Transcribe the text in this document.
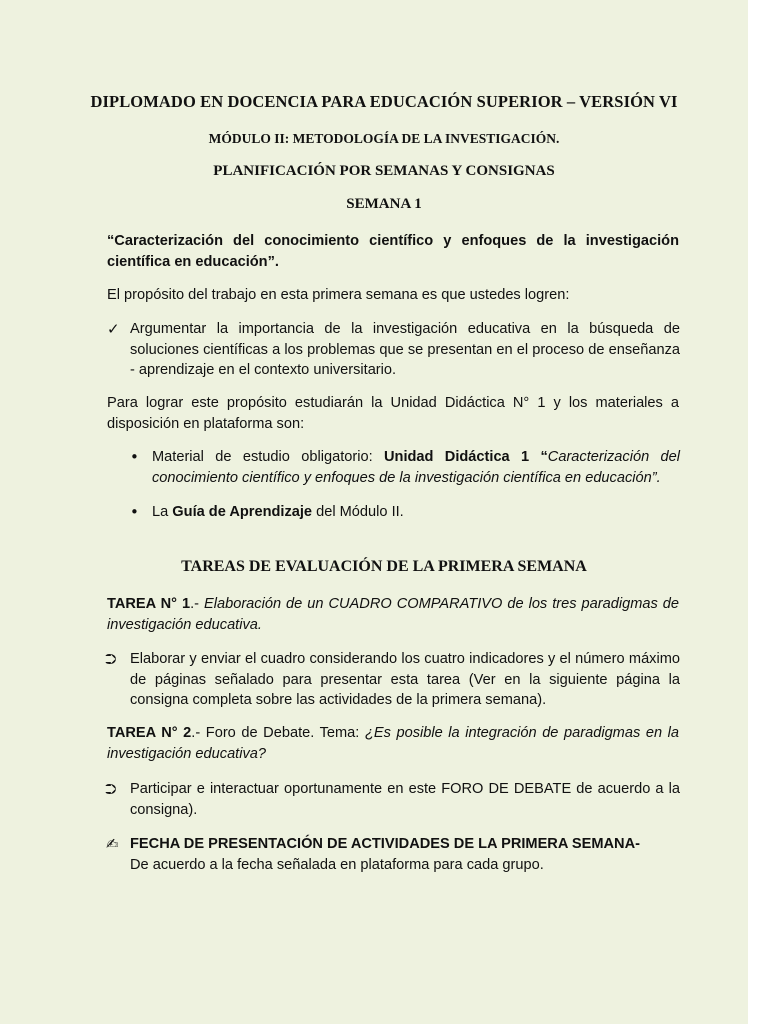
DIPLOMADO EN DOCENCIA PARA EDUCACIÓN SUPERIOR – VERSIÓN VI

MÓDULO II: METODOLOGÍA DE LA INVESTIGACIÓN.

PLANIFICACIÓN POR SEMANAS Y CONSIGNAS

SEMANA 1

“Caracterización del conocimiento científico y enfoques de la investigación científica en educación”.

El propósito del trabajo en esta primera semana es que ustedes logren:

✓ Argumentar la importancia de la investigación educativa en la búsqueda de soluciones científicas a los problemas que se presentan en el proceso de enseñanza - aprendizaje en el contexto universitario.

Para lograr este propósito estudiarán la Unidad Didáctica N° 1 y los materiales a disposición en plataforma son:

• Material de estudio obligatorio: Unidad Didáctica 1 “Caracterización del conocimiento científico y enfoques de la investigación científica en educación”.

• La Guía de Aprendizaje del Módulo II.

TAREAS DE EVALUACIÓN DE LA PRIMERA SEMANA

TAREA N° 1.- Elaboración de un CUADRO COMPARATIVO de los tres paradigmas de investigación educativa.

⮊ Elaborar y enviar el cuadro considerando los cuatro indicadores y el número máximo de páginas señalado para presentar esta tarea (Ver en la siguiente página la consigna completa sobre las actividades de la primera semana).

TAREA N° 2.- Foro de Debate. Tema: ¿Es posible la integración de paradigmas en la investigación educativa?

⮊ Participar e interactuar oportunamente en este FORO DE DEBATE de acuerdo a la consigna).

✍ FECHA DE PRESENTACIÓN DE ACTIVIDADES DE LA PRIMERA SEMANA-
De acuerdo a la fecha señalada en plataforma para cada grupo.
